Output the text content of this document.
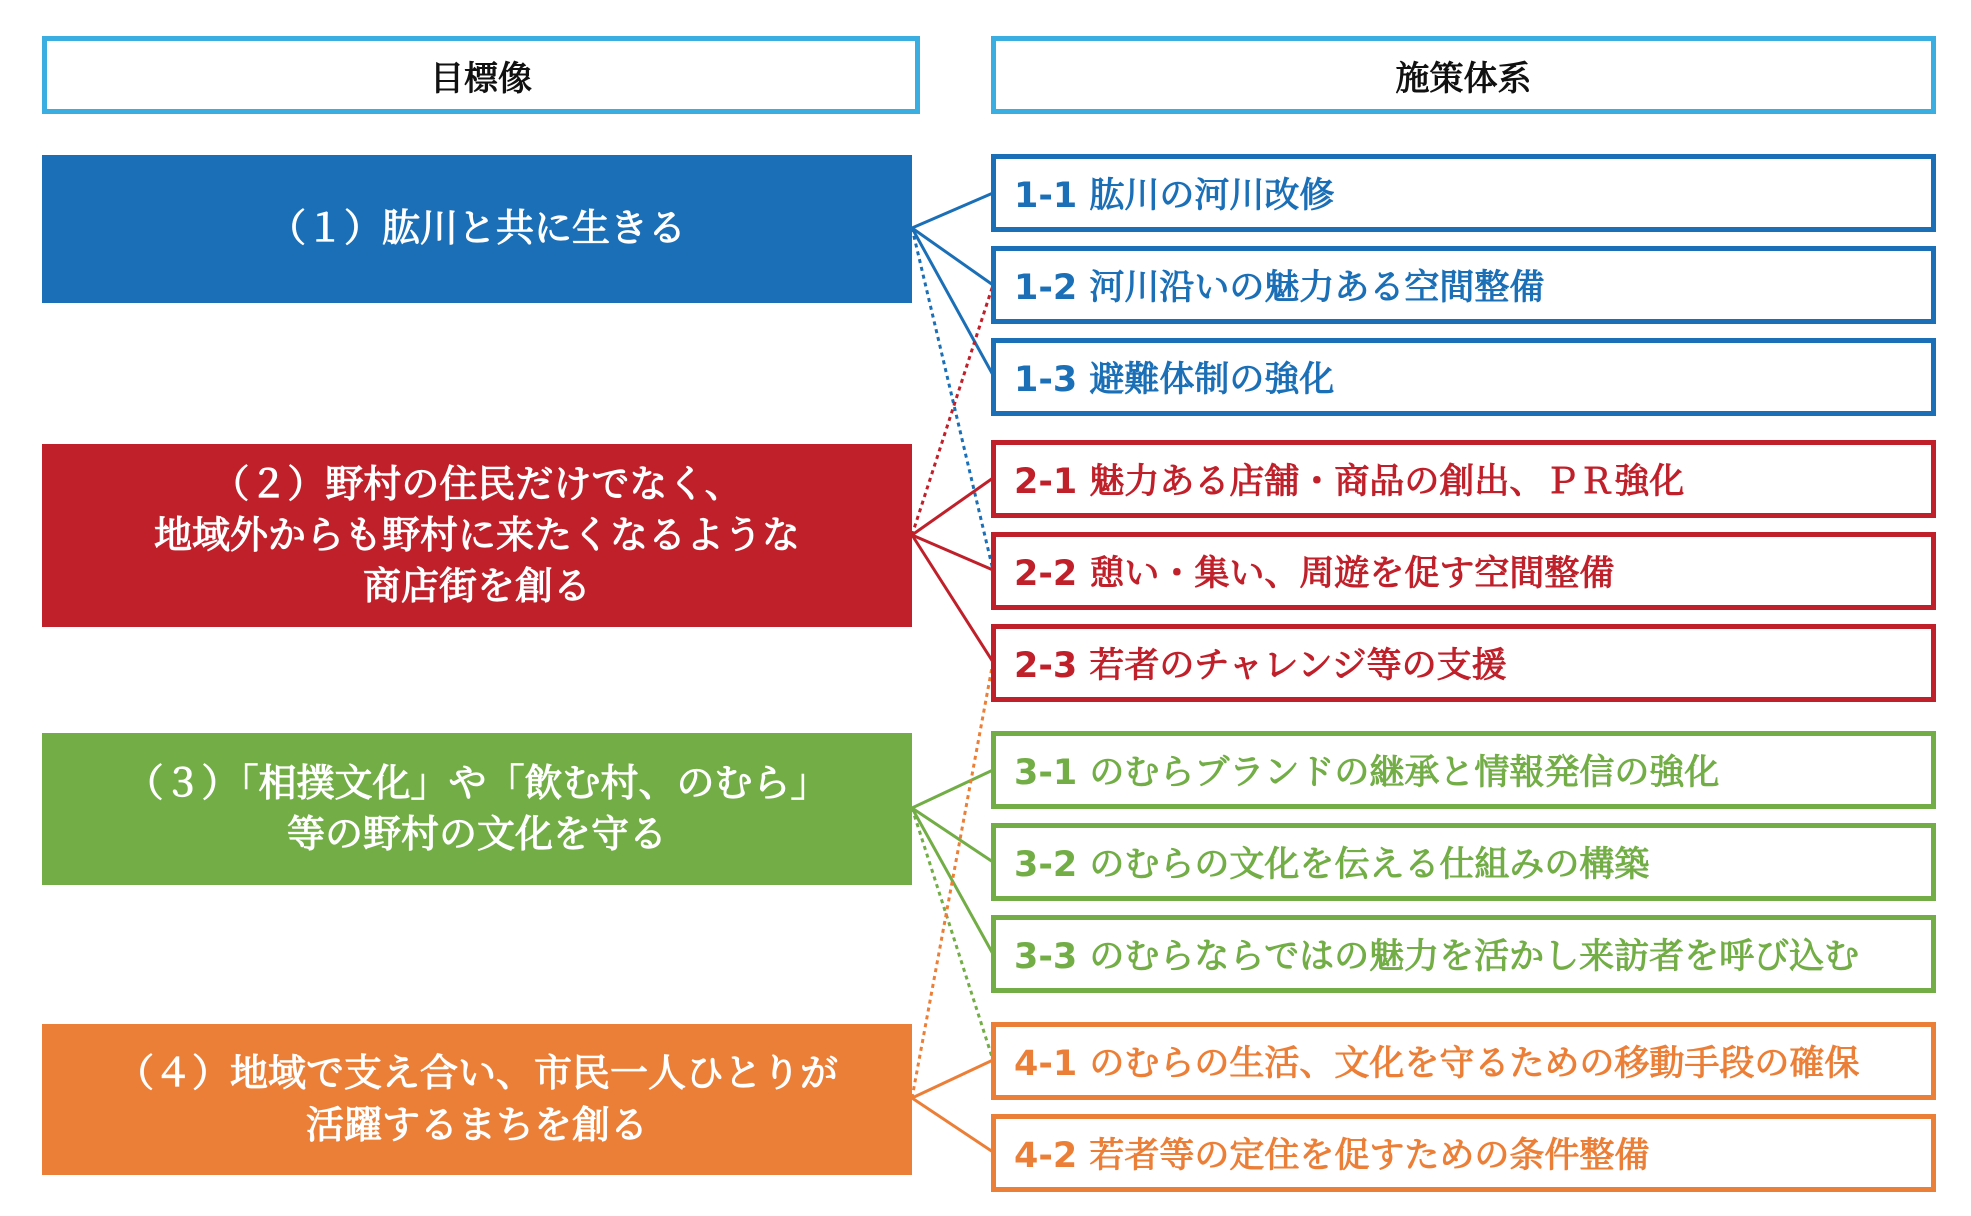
目標像	施策体系
（１）肱川と共に生きる
（２）野村の住民だけでなく、
地域外からも野村に来たくなるような
商店街を創る
（３）「相撲文化」や「飲む村、のむら」
等の野村の文化を守る
（４）地域で支え合い、市民一人ひとりが
活躍するまちを創る
1-1 肱川の河川改修
1-2 河川沿いの魅力ある空間整備
1-3 避難体制の強化
2-1 魅力ある店舗・商品の創出、ＰＲ強化
2-2 憩い・集い、周遊を促す空間整備
2-3 若者のチャレンジ等の支援
3-1 のむらブランドの継承と情報発信の強化
3-2 のむらの文化を伝える仕組みの構築
3-3 のむらならではの魅力を活かし来訪者を呼び込む
4-1 のむらの生活、文化を守るための移動手段の確保
4-2 若者等の定住を促すための条件整備
